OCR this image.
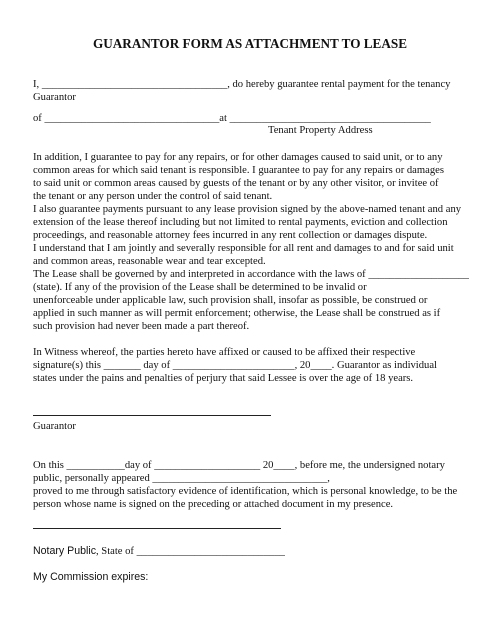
GUARANTOR FORM AS ATTACHMENT TO LEASE
I, ___________________________________, do hereby guarantee rental payment for the tenancy
Guarantor
of _________________________________at ______________________________________
Tenant Property Address
In addition, I guarantee to pay for any repairs, or for other damages caused to said unit, or to any
common areas for which said tenant is responsible. I guarantee to pay for any repairs or damages
to said unit or common areas caused by guests of the tenant or by any other visitor, or invitee of
the tenant or any person under the control of said tenant.
I also guarantee payments pursuant to any lease provision signed by the above-named tenant and any
extension of the lease thereof including but not limited to rental payments, eviction and collection
proceedings, and reasonable attorney fees incurred in any rent collection or damages dispute.
I understand that I am jointly and severally responsible for all rent and damages to and for said unit
and common areas, reasonable wear and tear excepted.
The Lease shall be governed by and interpreted in accordance with the laws of ___________________
(state). If any of the provision of the Lease shall be determined to be invalid or
unenforceable under applicable law, such provision shall, insofar as possible, be construed or
applied in such manner as will permit enforcement; otherwise, the Lease shall be construed as if
such provision had never been made a part thereof.
In Witness whereof, the parties hereto have affixed or caused to be affixed their respective
signature(s) this _______ day of _______________________, 20____. Guarantor as individual
states under the pains and penalties of perjury that said Lessee is over the age of 18 years.
Guarantor
On this ___________day of ____________________ 20____, before me, the undersigned notary
public, personally appeared _________________________________,
proved to me through satisfactory evidence of identification, which is personal knowledge, to be the
person whose name is signed on the preceding or attached document in my presence.
Notary Public, State of ____________________________
My Commission expires:
